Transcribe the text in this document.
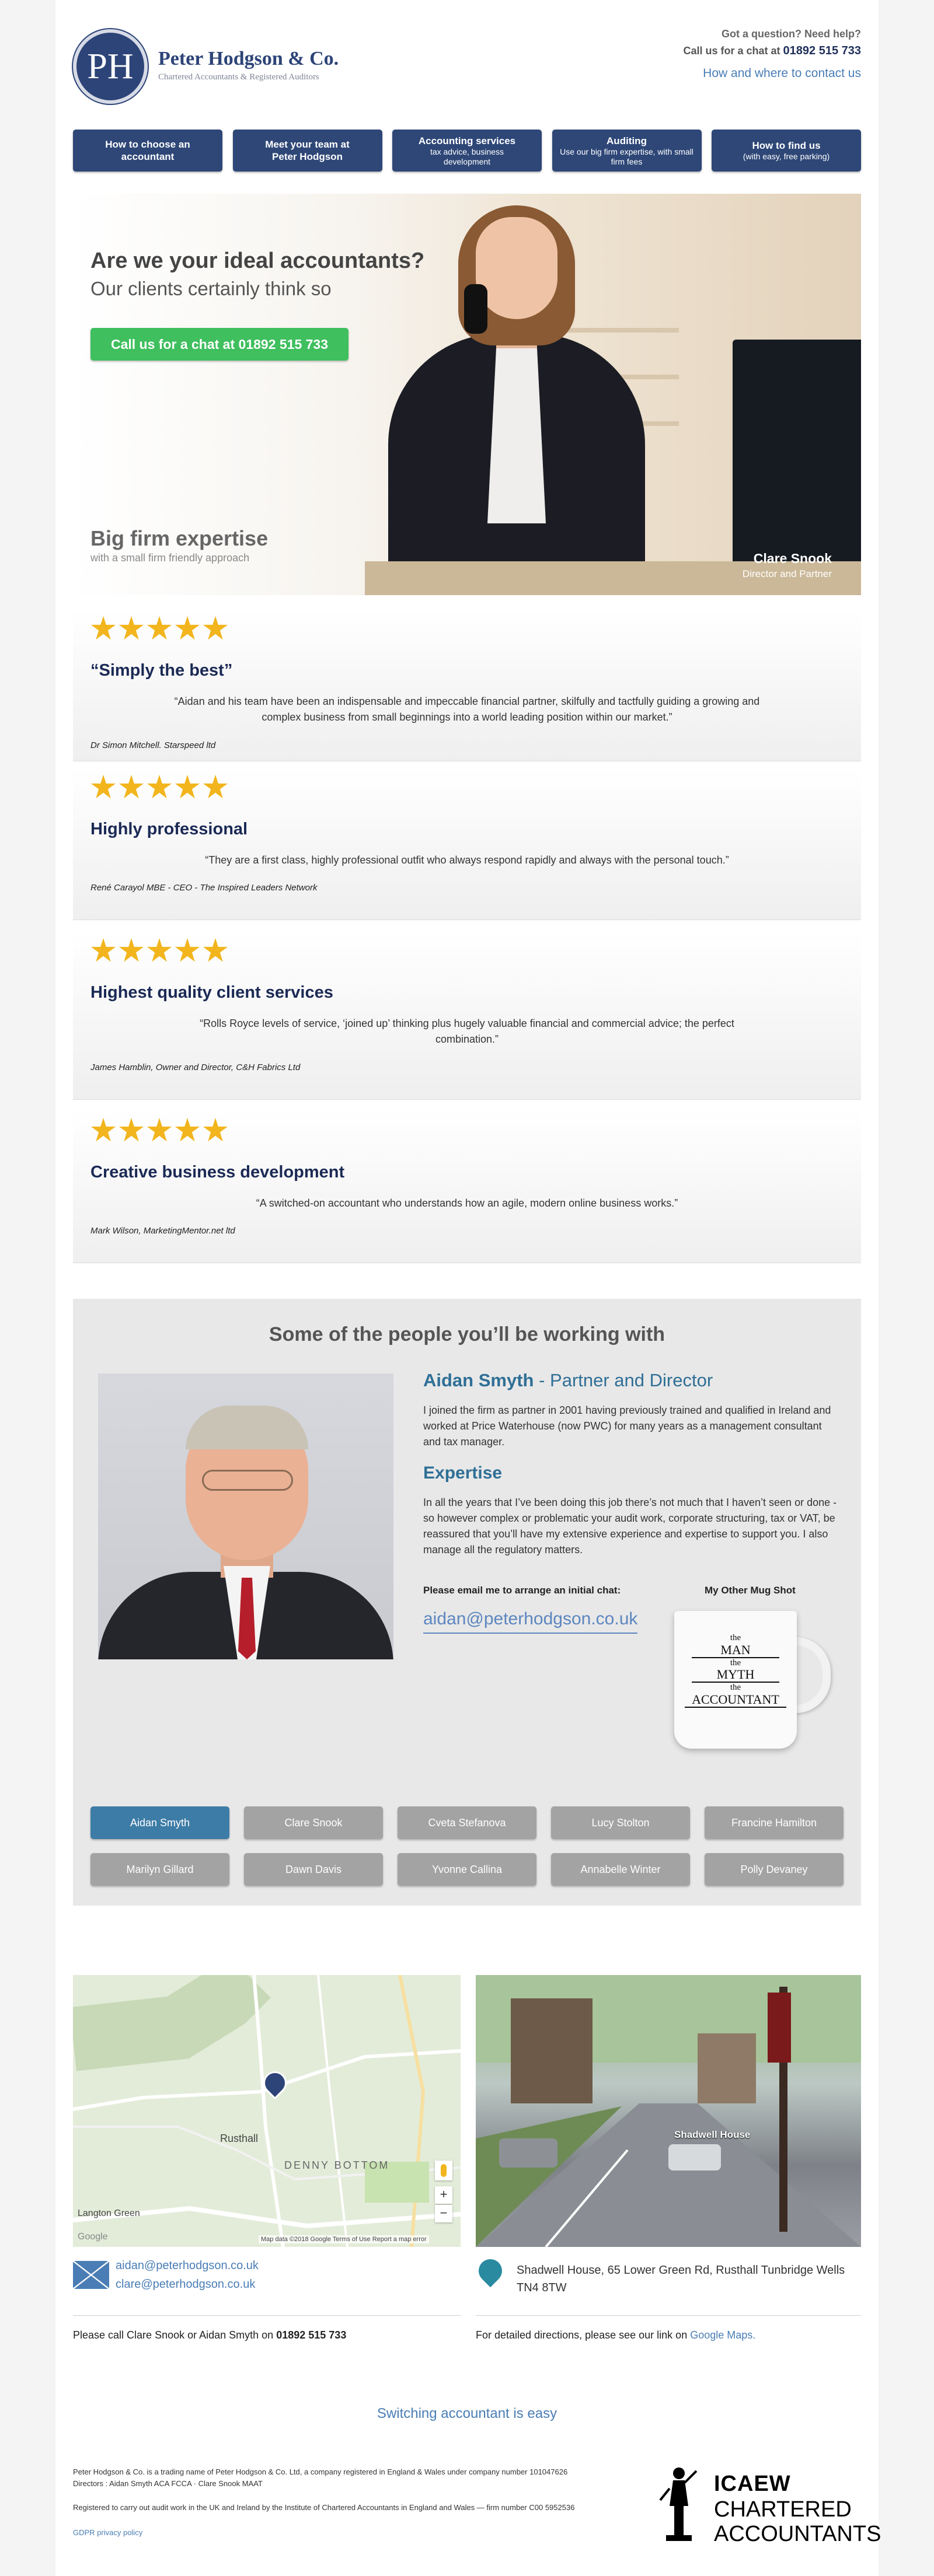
PH	Peter Hodgson & Co.
Chartered Accountants & Registered Auditors
Got a question? Need help?
Call us for a chat at 01892 515 733
How and where to contact us
How to choose an accountant
Meet your team at Peter Hodgson
Accounting services
tax advice, business development
Auditing
Use our big firm expertise, with small firm fees
How to find us
(with easy, free parking)
Are we your ideal accountants?
Our clients certainly think so
Call us for a chat at 01892 515 733
Big firm expertise
with a small firm friendly approach	Clare Snook
Director and Partner
“Simply the best”
“Aidan and his team have been an indispensable and impeccable financial partner, skilfully and tactfully guiding a growing and complex business from small beginnings into a world leading position within our market.”
Dr Simon Mitchell. Starspeed ltd
Highly professional
“They are a first class, highly professional outfit who always respond rapidly and always with the personal touch.”
René Carayol MBE - CEO - The Inspired Leaders Network
Highest quality client services
“Rolls Royce levels of service, ‘joined up’ thinking plus hugely valuable financial and commercial advice; the perfect combination.”
James Hamblin, Owner and Director, C&H Fabrics Ltd
Creative business development
“A switched-on accountant who understands how an agile, modern online business works.”
Mark Wilson, MarketingMentor.net ltd
Some of the people you’ll be working with
Aidan Smyth - Partner and Director
I joined the firm as partner in 2001 having previously trained and qualified in Ireland and worked at Price Waterhouse (now PWC) for many years as a management consultant and tax manager.
Expertise
In all the years that I’ve been doing this job there’s not much that I haven’t seen or done - so however complex or problematic your audit work, corporate structuring, tax or VAT, be reassured that you’ll have my extensive experience and expertise to support you. I also manage all the regulatory matters.
Please email me to arrange an initial chat:
aidan@peterhodgson.co.uk
My Other Mug Shot
the
MAN
the
MYTH
the
ACCOUNTANT
Aidan Smyth	Clare Snook	Cveta Stefanova	Lucy Stolton	Francine Hamilton
Marilyn Gillard	Dawn Davis	Yvonne Callina	Annabelle Winter	Polly Devaney
Rusthall
DENNY BOTTOM
Langton Green
Google	Map data ©2018 Google Terms of Use Report a map error
+
−
Shadwell House
aidan@peterhodgson.co.uk
clare@peterhodgson.co.uk
Shadwell House, 65 Lower Green Rd, Rusthall Tunbridge Wells TN4 8TW
Please call Clare Snook or Aidan Smyth on 01892 515 733	For detailed directions, please see our link on Google Maps.
Switching accountant is easy
Peter Hodgson & Co. is a trading name of Peter Hodgson & Co. Ltd, a company registered in England & Wales under company number 101047626
Directors : Aidan Smyth ACA FCCA · Clare Snook MAAT
Registered to carry out audit work in the UK and Ireland by the Institute of Chartered Accountants in England and Wales — firm number C00 5952536
GDPR privacy policy
ICAEW
CHARTERED
ACCOUNTANTS
